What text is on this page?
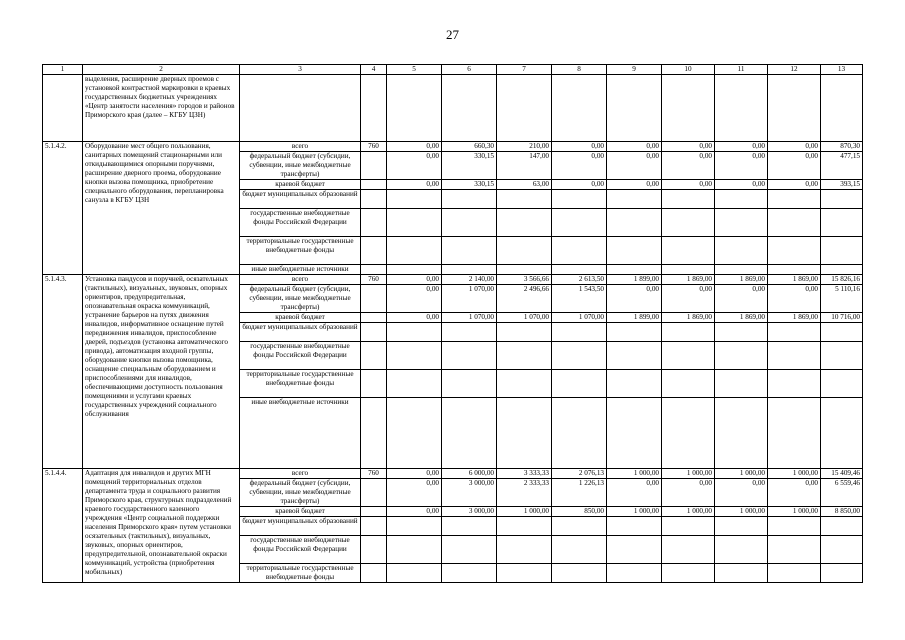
27
1	2	3	4	5	6	7	8	9	10	11	12	13
	выделения, расширение дверных проемов с установкой контрастной маркировки в краевых государственных бюджетных учреждениях «Центр занятости населения» городов и районов Приморского края (далее – КГБУ ЦЗН)											
5.1.4.2.	Оборудование мест общего пользования, санитарных помещений стационарными или откидывающимися опорными поручнями, расширение дверного проема, оборудование кнопки вызова помощника, приобретение специального оборудования, перепланировка санузла в КГБУ ЦЗН	всего	760	0,00	660,30	210,00	0,00	0,00	0,00	0,00	0,00	870,30
		федеральный бюджет (субсидии, субвенции, иные межбюджетные трансферты)		0,00	330,15	147,00	0,00	0,00	0,00	0,00	0,00	477,15
		краевой бюджет		0,00	330,15	63,00	0,00	0,00	0,00	0,00	0,00	393,15
		бюджет муниципальных образований										
		государственные внебюджетные фонды Российской Федерации										
		территориальные государственные внебюджетные фонды										
		иные внебюджетные источники										
5.1.4.3.	Установка пандусов и поручней, осязательных (тактильных), визуальных, звуковых, опорных ориентиров, предупредительная, опознавательная окраска коммуникаций, устранение барьеров на путях движения инвалидов, информативное оснащение путей передвижения инвалидов, приспособление дверей, подъездов (установка автоматического привода), автоматизация входной группы, оборудование кнопки вызова помощника, оснащение специальным оборудованием и приспособлениями для инвалидов, обеспечивающими доступность пользования помещениями и услугами краевых государственных учреждений социального обслуживания	всего	760	0,00	2 140,00	3 566,66	2 613,50	1 899,00	1 869,00	1 869,00	1 869,00	15 826,16
		федеральный бюджет (субсидии, субвенции, иные межбюджетные трансферты)		0,00	1 070,00	2 496,66	1 543,50	0,00	0,00	0,00	0,00	5 110,16
		краевой бюджет		0,00	1 070,00	1 070,00	1 070,00	1 899,00	1 869,00	1 869,00	1 869,00	10 716,00
		бюджет муниципальных образований										
		государственные внебюджетные фонды Российской Федерации										
		территориальные государственные внебюджетные фонды										
		иные внебюджетные источники										
5.1.4.4.	Адаптация для инвалидов и других МГН помещений территориальных отделов департамента труда и социального развития Приморского края, структурных подразделений краевого государственного казенного учреждения «Центр социальной поддержки населения Приморского края» путем установки осязательных (тактильных), визуальных, звуковых, опорных ориентиров, предупредительной, опознавательной окраски коммуникаций, устройства (приобретения мобильных)	всего	760	0,00	6 000,00	3 333,33	2 076,13	1 000,00	1 000,00	1 000,00	1 000,00	15 409,46
		федеральный бюджет (субсидии, субвенции, иные межбюджетные трансферты)		0,00	3 000,00	2 333,33	1 226,13	0,00	0,00	0,00	0,00	6 559,46
		краевой бюджет		0,00	3 000,00	1 000,00	850,00	1 000,00	1 000,00	1 000,00	1 000,00	8 850,00
		бюджет муниципальных образований										
		государственные внебюджетные фонды Российской Федерации										
		территориальные государственные внебюджетные фонды										
